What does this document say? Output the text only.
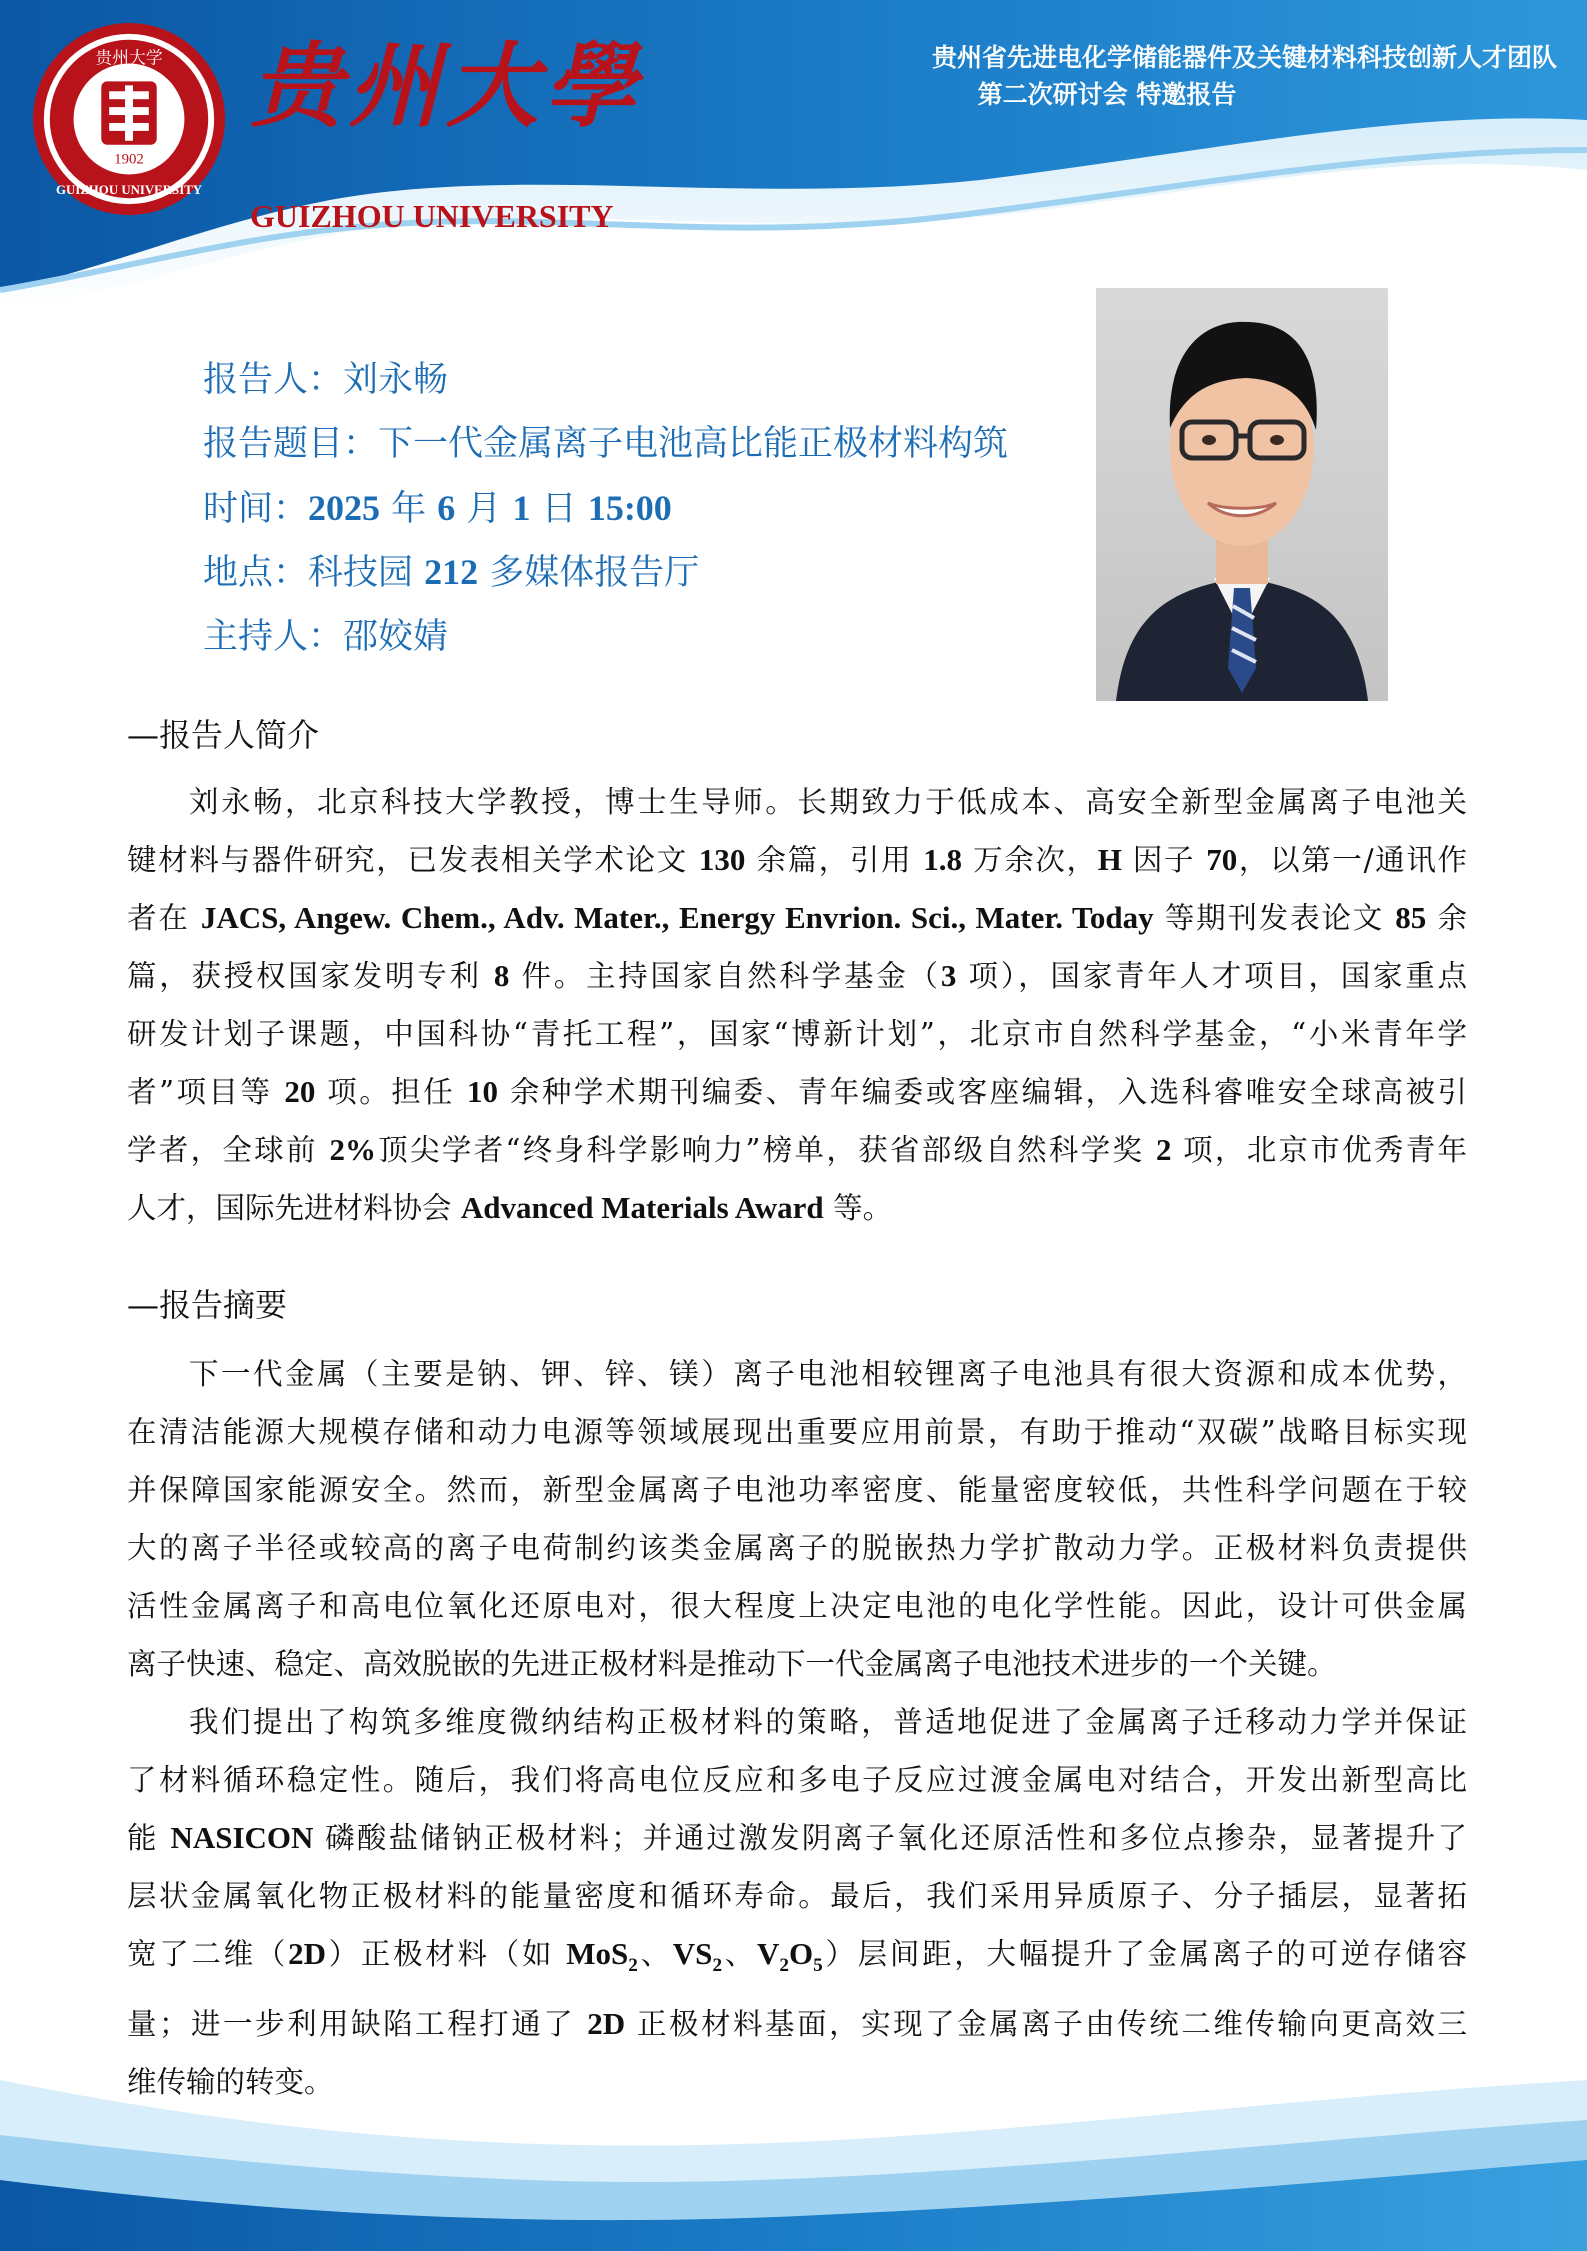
1902
贵州大学
GUIZHOU UNIVERSITY
贵州大學
GUIZHOU UNIVERSITY
贵州省先进电化学储能器件及关键材料科技创新人才团队
第二次研讨会 特邀报告
报告人：刘永畅
报告题目：下一代金属离子电池高比能正极材料构筑
时间：2025 年 6 月 1 日 15:00
地点：科技园 212 多媒体报告厅
主持人：邵姣婧
—报告人简介
刘永畅，北京科技大学教授，博士生导师。长期致力于低成本、高安全新型金属离子电池关
键材料与器件研究，已发表相关学术论文 130 余篇，引用 1.8 万余次，H 因子 70，以第一/通讯作
者在 JACS, Angew. Chem., Adv. Mater., Energy Envrion. Sci., Mater. Today 等期刊发表论文 85 余
篇，获授权国家发明专利 8 件。主持国家自然科学基金（3 项），国家青年人才项目，国家重点
研发计划子课题，中国科协“青托工程”，国家“博新计划”，北京市自然科学基金，“小米青年学
者”项目等 20 项。担任 10 余种学术期刊编委、青年编委或客座编辑，入选科睿唯安全球高被引
学者，全球前 2%顶尖学者“终身科学影响力”榜单，获省部级自然科学奖 2 项，北京市优秀青年
人才，国际先进材料协会 Advanced Materials Award 等。
—报告摘要
下一代金属（主要是钠、钾、锌、镁）离子电池相较锂离子电池具有很大资源和成本优势，
在清洁能源大规模存储和动力电源等领域展现出重要应用前景，有助于推动“双碳”战略目标实现
并保障国家能源安全。然而，新型金属离子电池功率密度、能量密度较低，共性科学问题在于较
大的离子半径或较高的离子电荷制约该类金属离子的脱嵌热力学扩散动力学。正极材料负责提供
活性金属离子和高电位氧化还原电对，很大程度上决定电池的电化学性能。因此，设计可供金属
离子快速、稳定、高效脱嵌的先进正极材料是推动下一代金属离子电池技术进步的一个关键。
我们提出了构筑多维度微纳结构正极材料的策略，普适地促进了金属离子迁移动力学并保证
了材料循环稳定性。随后，我们将高电位反应和多电子反应过渡金属电对结合，开发出新型高比
能 NASICON 磷酸盐储钠正极材料；并通过激发阴离子氧化还原活性和多位点掺杂，显著提升了
层状金属氧化物正极材料的能量密度和循环寿命。最后，我们采用异质原子、分子插层，显著拓
宽了二维（2D）正极材料（如 MoS$_2$、$VS_2$、$V_2O_5$）层间距，大幅提升了金属离子的可逆存储容
量；进一步利用缺陷工程打通了 2D 正极材料基面，实现了金属离子由传统二维传输向更高效三
维传输的转变。
